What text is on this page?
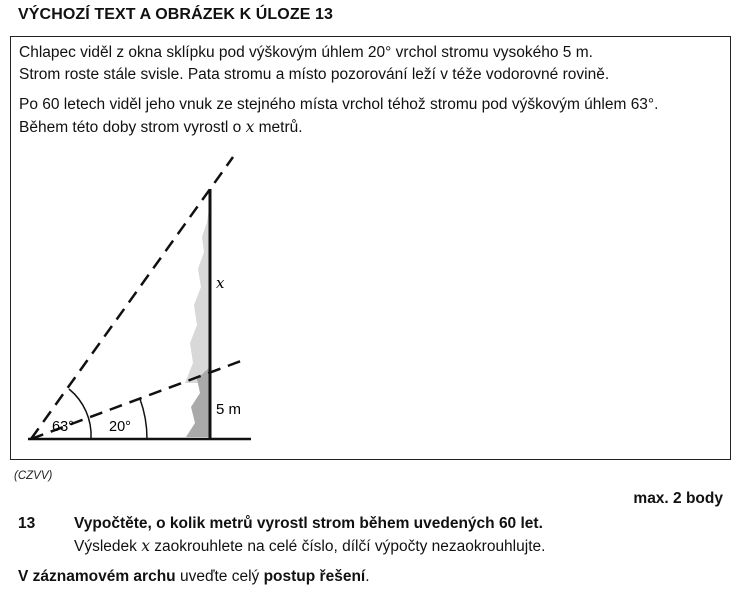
VÝCHOZÍ TEXT A OBRÁZEK K ÚLOZE 13

Chlapec viděl z okna sklípku pod výškovým úhlem 20° vrchol stromu vysokého 5 m.
Strom roste stále svisle. Pata stromu a místo pozorování leží v téže vodorovné rovině.

Po 60 letech viděl jeho vnuk ze stejného místa vrchol téhož stromu pod výškovým úhlem 63°.
Během této doby strom vyrostl o x metrů.

63° 20°
x
5 m
(CZVV)
max. 2 body
13	Vypočtěte, o kolik metrů vyrostl strom během uvedených 60 let.
Výsledek x zaokrouhlete na celé číslo, dílčí výpočty nezaokrouhlujte.
V záznamovém archu uveďte celý postup řešení.
